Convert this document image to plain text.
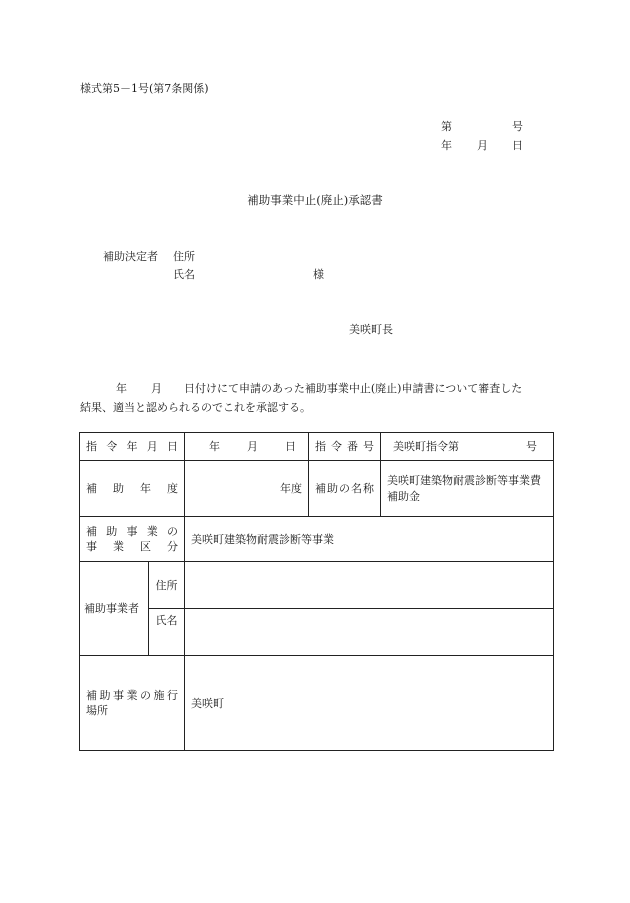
様式第5－1号(第7条関係)
第	号
年 月 日
補助事業中止(廃止)承認書
補助決定者 住所
氏名	様
美咲町長
年 月 日付けにて申請のあった補助事業中止(廃止)申請書について審査した
結果、適当と認められるのでこれを承認する。
指令年月日		年 月 日	指令番号	美咲町指令第 号

補助年度		年度	補助の名称	美咲町建築物耐震診断等事業費補助金

補助事業の
事業区分		美咲町建築物耐震診断等事業		
補助事業者	住所			
	氏名			

補助事業の施行
場所		美咲町		
